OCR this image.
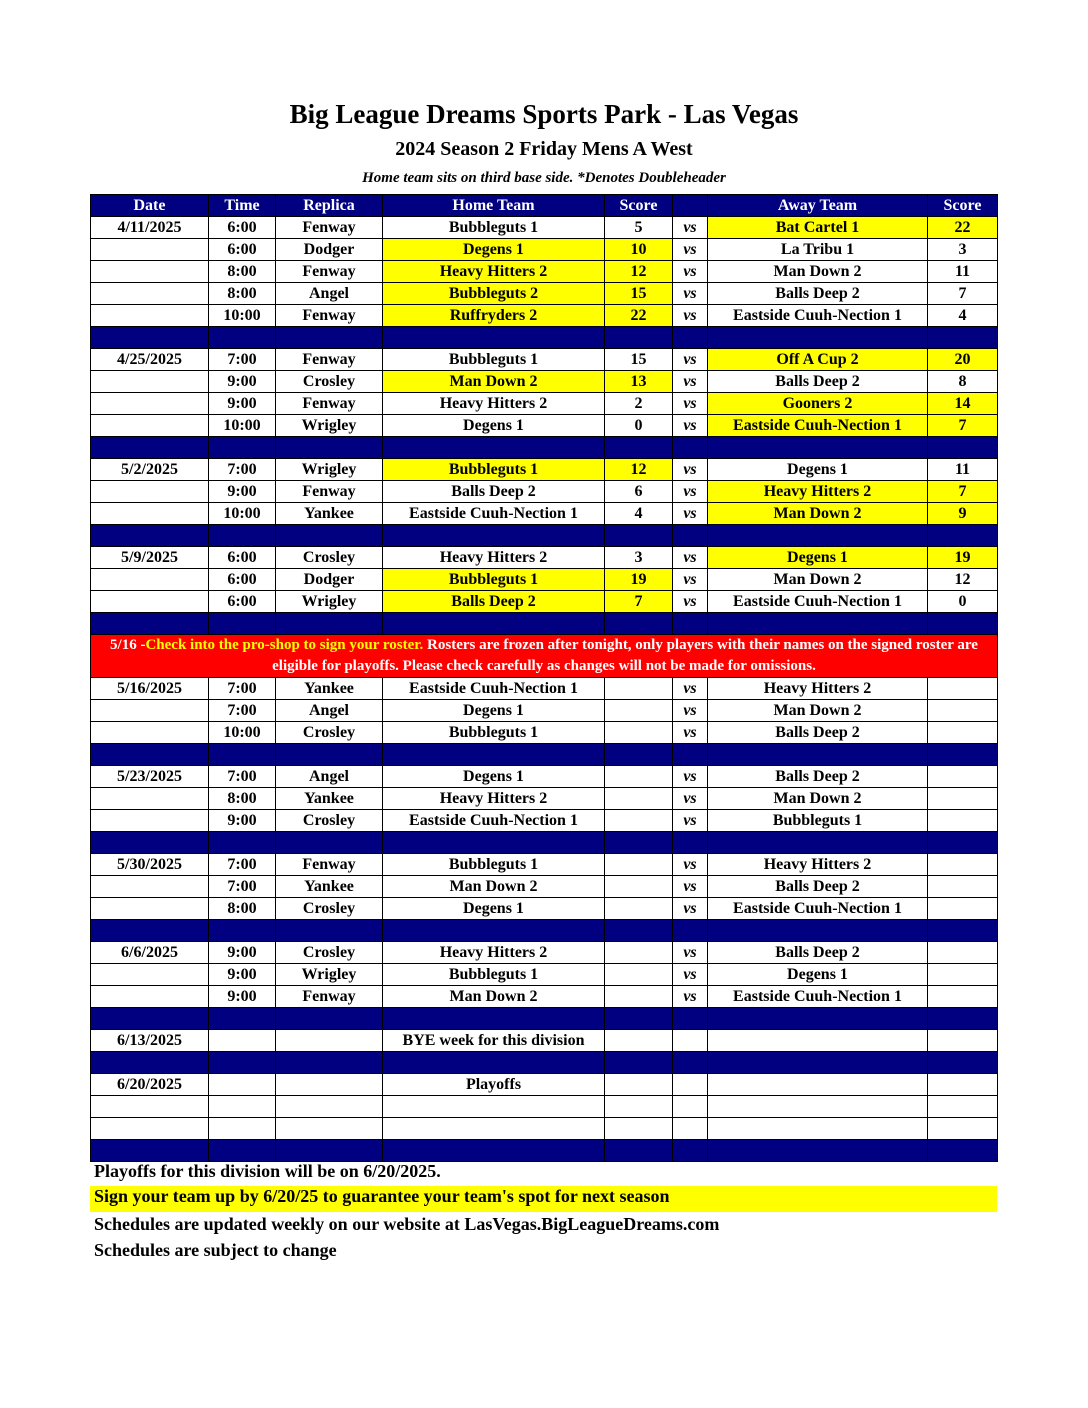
Big League Dreams Sports Park - Las Vegas
2024 Season 2 Friday Mens A West
Home team sits on third base side. *Denotes Doubleheader
Date	Time	Replica	Home Team	Score		Away Team	Score
4/11/2025	6:00	Fenway	Bubbleguts 1	5	vs	Bat Cartel 1	22
	6:00	Dodger	Degens 1	10	vs	La Tribu 1	3
	8:00	Fenway	Heavy Hitters 2	12	vs	Man Down 2	11
	8:00	Angel	Bubbleguts 2	15	vs	Balls Deep 2	7
	10:00	Fenway	Ruffryders 2	22	vs	Eastside Cuuh-Nection 1	4

4/25/2025	7:00	Fenway	Bubbleguts 1	15	vs	Off A Cup 2	20
	9:00	Crosley	Man Down 2	13	vs	Balls Deep 2	8
	9:00	Fenway	Heavy Hitters 2	2	vs	Gooners 2	14
	10:00	Wrigley	Degens 1	0	vs	Eastside Cuuh-Nection 1	7

5/2/2025	7:00	Wrigley	Bubbleguts 1	12	vs	Degens 1	11
	9:00	Fenway	Balls Deep 2	6	vs	Heavy Hitters 2	7
	10:00	Yankee	Eastside Cuuh-Nection 1	4	vs	Man Down 2	9

5/9/2025	6:00	Crosley	Heavy Hitters 2	3	vs	Degens 1	19
	6:00	Dodger	Bubbleguts 1	19	vs	Man Down 2	12
	6:00	Wrigley	Balls Deep 2	7	vs	Eastside Cuuh-Nection 1	0

5/16 -Check into the pro-shop to sign your roster. Rosters are frozen after tonight, only players with their names on the signed roster are eligible for playoffs. Please check carefully as changes will not be made for omissions.							
5/16/2025	7:00	Yankee	Eastside Cuuh-Nection 1		vs	Heavy Hitters 2	
	7:00	Angel	Degens 1		vs	Man Down 2	
	10:00	Crosley	Bubbleguts 1		vs	Balls Deep 2	

5/23/2025	7:00	Angel	Degens 1		vs	Balls Deep 2	
	8:00	Yankee	Heavy Hitters 2		vs	Man Down 2	
	9:00	Crosley	Eastside Cuuh-Nection 1		vs	Bubbleguts 1	

5/30/2025	7:00	Fenway	Bubbleguts 1		vs	Heavy Hitters 2	
	7:00	Yankee	Man Down 2		vs	Balls Deep 2	
	8:00	Crosley	Degens 1		vs	Eastside Cuuh-Nection 1	

6/6/2025	9:00	Crosley	Heavy Hitters 2		vs	Balls Deep 2	
	9:00	Wrigley	Bubbleguts 1		vs	Degens 1	
	9:00	Fenway	Man Down 2		vs	Eastside Cuuh-Nection 1	

6/13/2025			BYE week for this division				

6/20/2025			Playoffs				

Playoffs for this division will be on 6/20/2025.
Sign your team up by 6/20/25 to guarantee your team's spot for next season
Schedules are updated weekly on our website at LasVegas.BigLeagueDreams.com
Schedules are subject to change
